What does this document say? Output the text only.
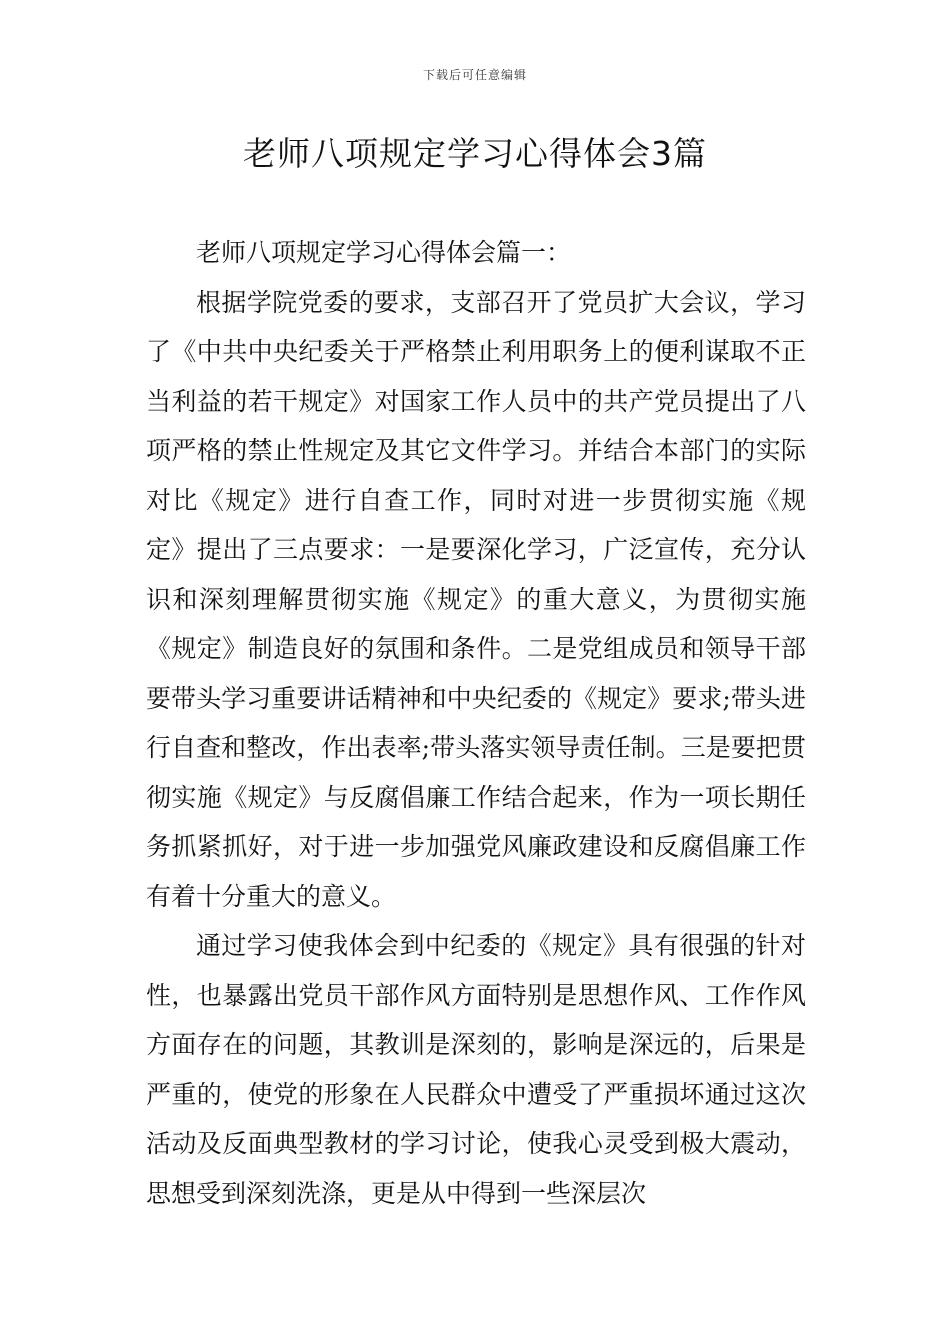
下载后可任意编辑
老师八项规定学习心得体会3篇

老师八项规定学习心得体会篇一：

根据学院党委的要求，支部召开了党员扩大会议，学习了《中共中央纪委关于严格禁止利用职务上的便利谋取不正当利益的若干规定》对国家工作人员中的共产党员提出了八项严格的禁止性规定及其它文件学习。并结合本部门的实际对比《规定》进行自查工作，同时对进一步贯彻实施《规定》提出了三点要求：一是要深化学习，广泛宣传，充分认识和深刻理解贯彻实施《规定》的重大意义，为贯彻实施《规定》制造良好的氛围和条件。二是党组成员和领导干部要带头学习重要讲话精神和中央纪委的《规定》要求;带头进行自查和整改，作出表率;带头落实领导责任制。三是要把贯彻实施《规定》与反腐倡廉工作结合起来，作为一项长期任务抓紧抓好，对于进一步加强党风廉政建设和反腐倡廉工作有着十分重大的意义。

通过学习使我体会到中纪委的《规定》具有很强的针对性，也暴露出党员干部作风方面特别是思想作风、工作作风方面存在的问题，其教训是深刻的，影响是深远的，后果是严重的，使党的形象在人民群众中遭受了严重损坏通过这次活动及反面典型教材的学习讨论，使我心灵受到极大震动，思想受到深刻洗涤，更是从中得到一些深层次
